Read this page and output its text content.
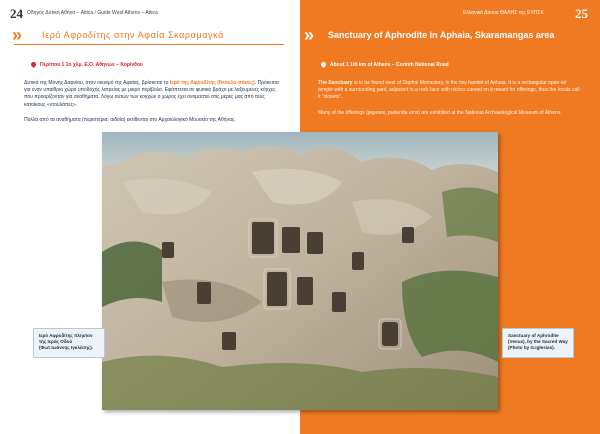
24 Οδηγός Δυτική Αθήνα – Attica / Guide West Athens – Attica
» Ιερό Αφροδίτης στην Αφαία Σκαραμαγκά
Περίπου 1 1ο χλμ. Ε.Ο. Αθηνών – Κορίνθου
Δυτικά της Μονής Δαφνίου, στον οικισμό της Αφαίας, βρίσκεται το Ιερό της Αφροδίτης (Ντουλο-πάσες). Πρόκειται για έναν υπαίθριο χώρο υποδοχής λατρείας με μικρό περίβολο. Εφάπτεται σε φυσικό βράχο με λαξευμένες κόγχες που προορίζονταν για αναθήματα. Λόγω αυτών των κογχών ο χώρος έχει ονομαστεί στις μέρες μας από τους κατοίκους «ντουλάπες».
Πολλά από τα αναθήματα (περιστέρια, αιδοία) εκτίθενται στο Αρχαιολογικό Μουσείο της Αθήνας.
Ελληνικά Δίκτυο ΘΑΛΗΣ της ΕΥΠΣΚ 25
» Sanctuary of Aphrodite in Aphaia, Skaramangas area
About 1 1th km of Athens – Corinth National Road
The Sanctuary is to be found west of Daphni Monastery, in the tiny hamlet of Aphaia. It is a rectangular open-air temple with a surrounding yard, adjacent to a rock face with niches carved on it meant for offerings, thus the locals call it "closets".
Many of the offerings (pigeons, pudenda ums) are exhibited at the National Archaeological Museum of Athens.
Ιερό Αφροδίτης πλησίον της Ιεράς Οδού (Φωτ.Ιωάννης Ιγκλέσης).
Sanctuary of Aphrodite (Venus), by the Sacred Way (Photo by G.Iglesias).
